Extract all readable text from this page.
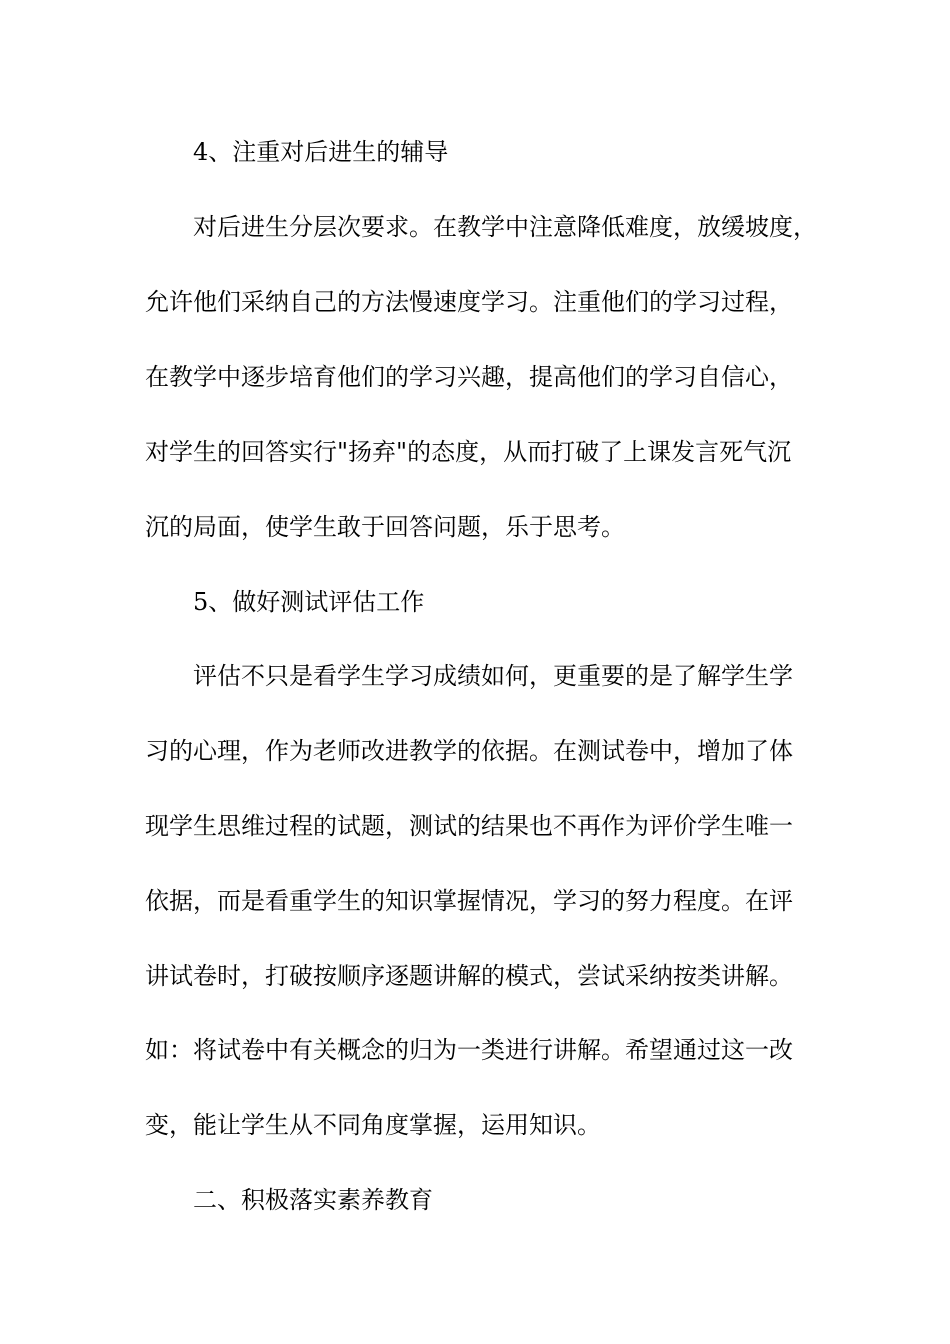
4、注重对后进生的辅导
对后进生分层次要求。在教学中注意降低难度，放缓坡度，
允许他们采纳自己的方法慢速度学习。注重他们的学习过程，
在教学中逐步培育他们的学习兴趣，提高他们的学习自信心，
对学生的回答实行"扬弃"的态度，从而打破了上课发言死气沉
沉的局面，使学生敢于回答问题，乐于思考。
5、做好测试评估工作
评估不只是看学生学习成绩如何，更重要的是了解学生学
习的心理，作为老师改进教学的依据。在测试卷中，增加了体
现学生思维过程的试题，测试的结果也不再作为评价学生唯一
依据，而是看重学生的知识掌握情况，学习的努力程度。在评
讲试卷时，打破按顺序逐题讲解的模式，尝试采纳按类讲解。
如：将试卷中有关概念的归为一类进行讲解。希望通过这一改
变，能让学生从不同角度掌握，运用知识。
二、积极落实素养教育
